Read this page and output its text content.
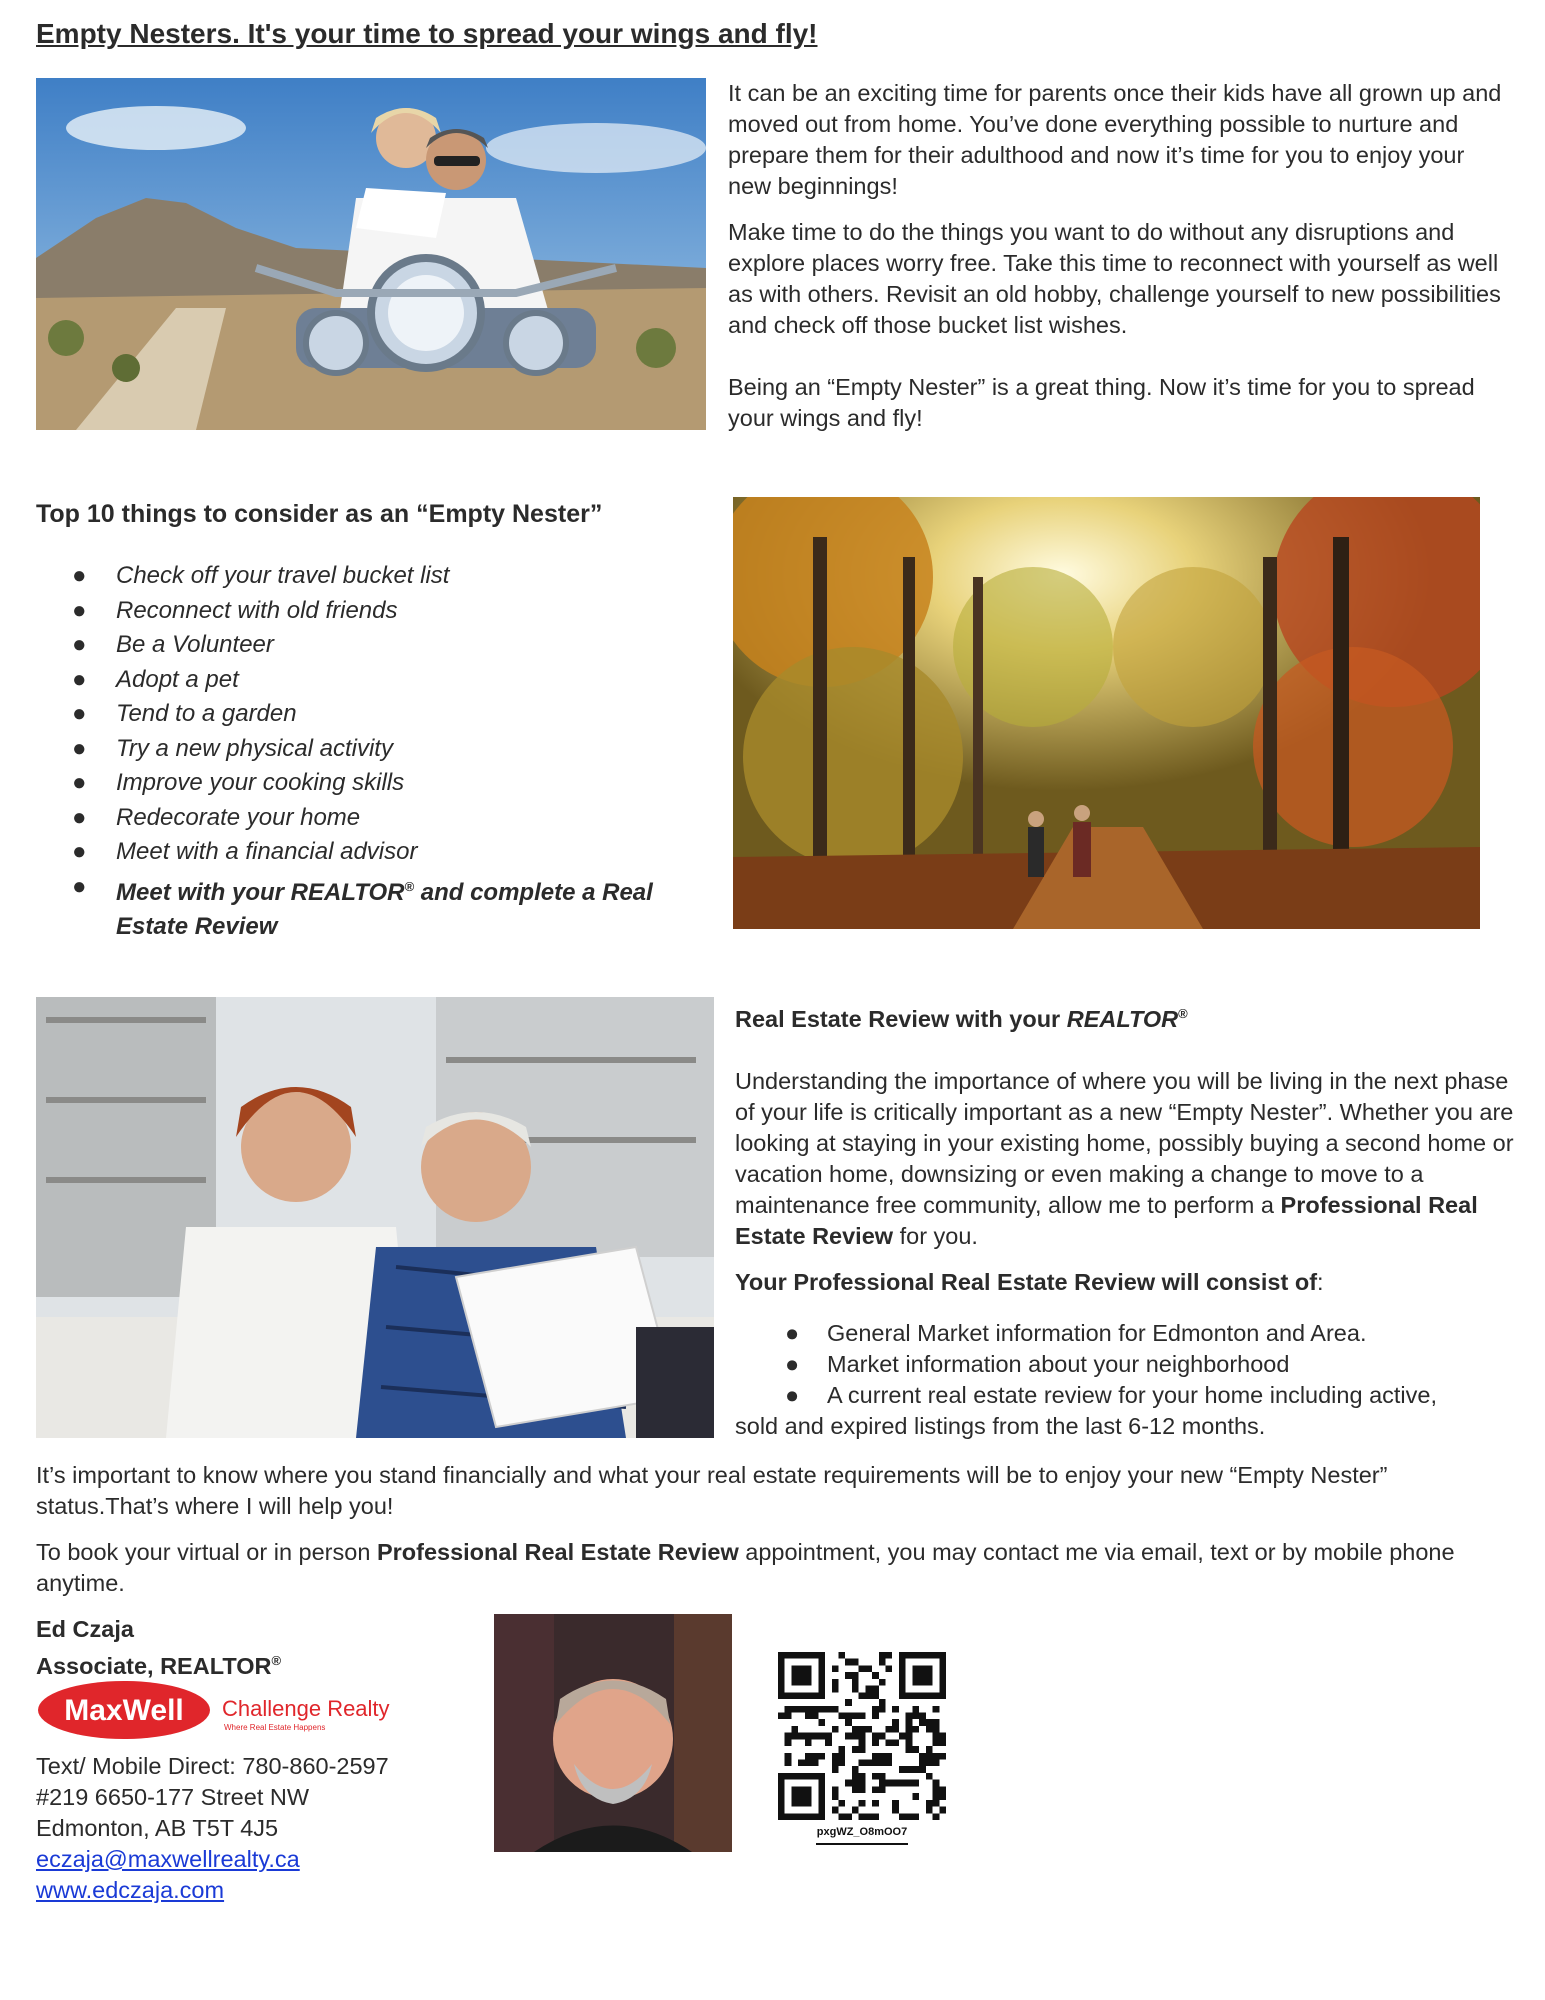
Empty Nesters. It's your time to spread your wings and fly!

It can be an exciting time for parents once their kids have all grown up and moved out from home. You’ve done everything possible to nurture and prepare them for their adulthood and now it’s time for you to enjoy your new beginnings!

Make time to do the things you want to do without any disruptions and explore places worry free. Take this time to reconnect with yourself as well as with others. Revisit an old hobby, challenge yourself to new possibilities and check off those bucket list wishes.

Being an “Empty Nester” is a great thing. Now it’s time for you to spread your wings and fly!

Top 10 things to consider as an “Empty Nester”
● Check off your travel bucket list
● Reconnect with old friends
● Be a Volunteer
● Adopt a pet
● Tend to a garden
● Try a new physical activity
● Improve your cooking skills
● Redecorate your home
● Meet with a financial advisor
● Meet with your REALTOR® and complete a Real Estate Review
Real Estate Review with your REALTOR®

Understanding the importance of where you will be living in the next phase of your life is critically important as a new “Empty Nester”. Whether you are looking at staying in your existing home, possibly buying a second home or vacation home, downsizing or even making a change to move to a maintenance free community, allow me to perform a Professional Real Estate Review for you.

Your Professional Real Estate Review will consist of:

● General Market information for Edmonton and Area.
● Market information about your neighborhood
● A current real estate review for your home including active,
sold and expired listings from the last 6-12 months.

It’s important to know where you stand financially and what your real estate requirements will be to enjoy your new “Empty Nester” status.That’s where I will help you!

To book your virtual or in person Professional Real Estate Review appointment, you may contact me via email, text or by mobile phone anytime.

Ed Czaja
Associate, REALTOR®
MaxWell Challenge Realty
Where Real Estate Happens
Text/ Mobile Direct: 780-860-2597
#219 6650-177 Street NW
Edmonton, AB T5T 4J5
eczaja@maxwellrealty.ca
www.edczaja.com
pxgWZ_O8mOO7
